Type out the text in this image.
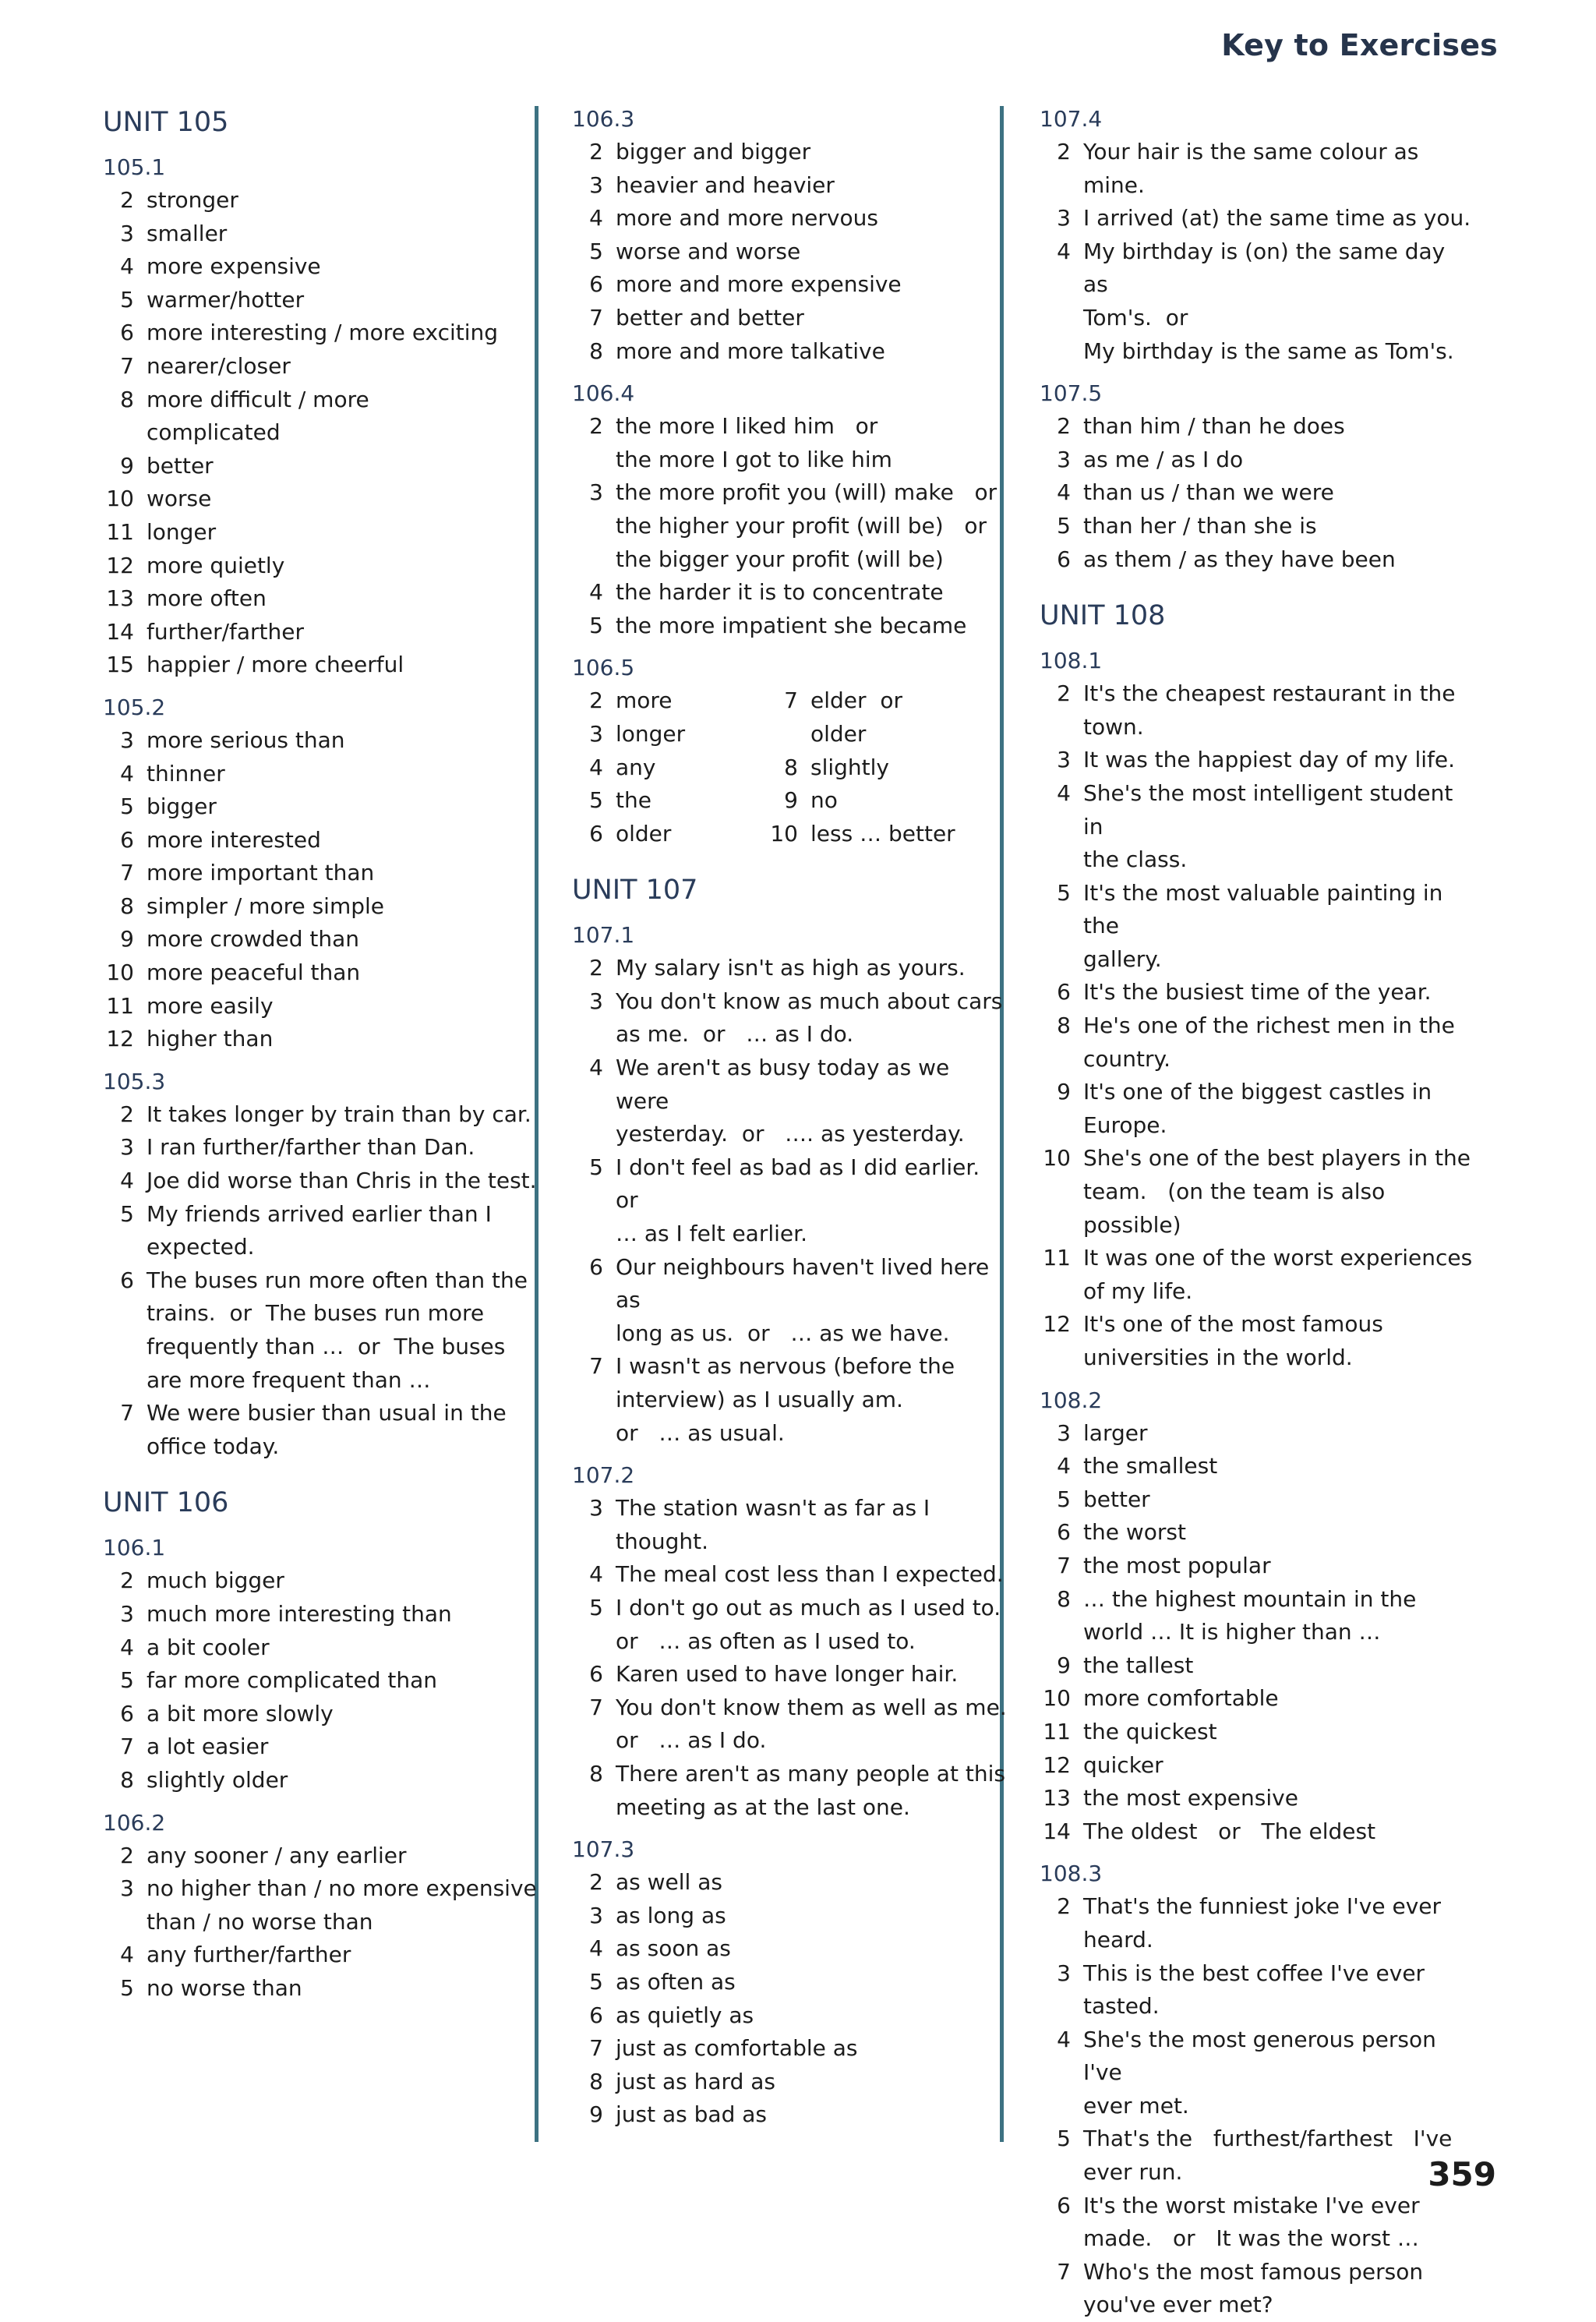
Key to Exercises
UNIT 105
105.1
2 stronger
3 smaller
4 more expensive
5 warmer/hotter
6 more interesting / more exciting
7 nearer/closer
8 more difficult / more
complicated
9 better
10 worse
11 longer
12 more quietly
13 more often
14 further/farther
15 happier / more cheerful
105.2
3 more serious than
4 thinner
5 bigger
6 more interested
7 more important than
8 simpler / more simple
9 more crowded than
10 more peaceful than
11 more easily
12 higher than
105.3
2 It takes longer by train than by car.
3 I ran further/farther than Dan.
4 Joe did worse than Chris in the test.
5 My friends arrived earlier than I
expected.
6 The buses run more often than the
trains.  or  The buses run more
frequently than …  or  The buses
are more frequent than …
7 We were busier than usual in the
office today.
UNIT 106
106.1
2 much bigger
3 much more interesting than
4 a bit cooler
5 far more complicated than
6 a bit more slowly
7 a lot easier
8 slightly older
106.2
2 any sooner / any earlier
3 no higher than / no more expensive
than / no worse than
4 any further/farther
5 no worse than
106.3
2 bigger and bigger
3 heavier and heavier
4 more and more nervous
5 worse and worse
6 more and more expensive
7 better and better
8 more and more talkative
106.4
2 the more I liked him   or
the more I got to like him
3 the more profit you (will) make   or
the higher your profit (will be)   or
the bigger your profit (will be)
4 the harder it is to concentrate
5 the more impatient she became
106.5
2 more
3 longer
4 any
5 the
6 older
7 elder  or  older
8 slightly
9 no
10 less … better
UNIT 107
107.1
2 My salary isn't as high as yours.
3 You don't know as much about cars
as me.  or   … as I do.
4 We aren't as busy today as we were
yesterday.  or   …. as yesterday.
5 I don't feel as bad as I did earlier.   or
… as I felt earlier.
6 Our neighbours haven't lived here as
long as us.  or   … as we have.
7 I wasn't as nervous (before the
interview) as I usually am.
or   … as usual.
107.2
3 The station wasn't as far as I
thought.
4 The meal cost less than I expected.
5 I don't go out as much as I used to.
or   … as often as I used to.
6 Karen used to have longer hair.
7 You don't know them as well as me.
or   … as I do.
8 There aren't as many people at this
meeting as at the last one.
107.3
2 as well as
3 as long as
4 as soon as
5 as often as
6 as quietly as
7 just as comfortable as
8 just as hard as
9 just as bad as
107.4
2 Your hair is the same colour as mine.
3 I arrived (at) the same time as you.
4 My birthday is (on) the same day as
Tom's.  or
My birthday is the same as Tom's.
107.5
2 than him / than he does
3 as me / as I do
4 than us / than we were
5 than her / than she is
6 as them / as they have been
UNIT 108
108.1
2 It's the cheapest restaurant in the
town.
3 It was the happiest day of my life.
4 She's the most intelligent student in
the class.
5 It's the most valuable painting in the
gallery.
6 It's the busiest time of the year.
8 He's one of the richest men in the
country.
9 It's one of the biggest castles in
Europe.
10 She's one of the best players in the
team.   (on the team is also possible)
11 It was one of the worst experiences
of my life.
12 It's one of the most famous
universities in the world.
108.2
3 larger
4 the smallest
5 better
6 the worst
7 the most popular
8 … the highest mountain in the
world … It is higher than …
9 the tallest
10 more comfortable
11 the quickest
12 quicker
13 the most expensive
14 The oldest   or   The eldest
108.3
2 That's the funniest joke I've ever
heard.
3 This is the best coffee I've ever
tasted.
4 She's the most generous person I've
ever met.
5 That's the   furthest/farthest   I've
ever run.
6 It's the worst mistake I've ever
made.   or   It was the worst …
7 Who's the most famous person
you've ever met?
359
